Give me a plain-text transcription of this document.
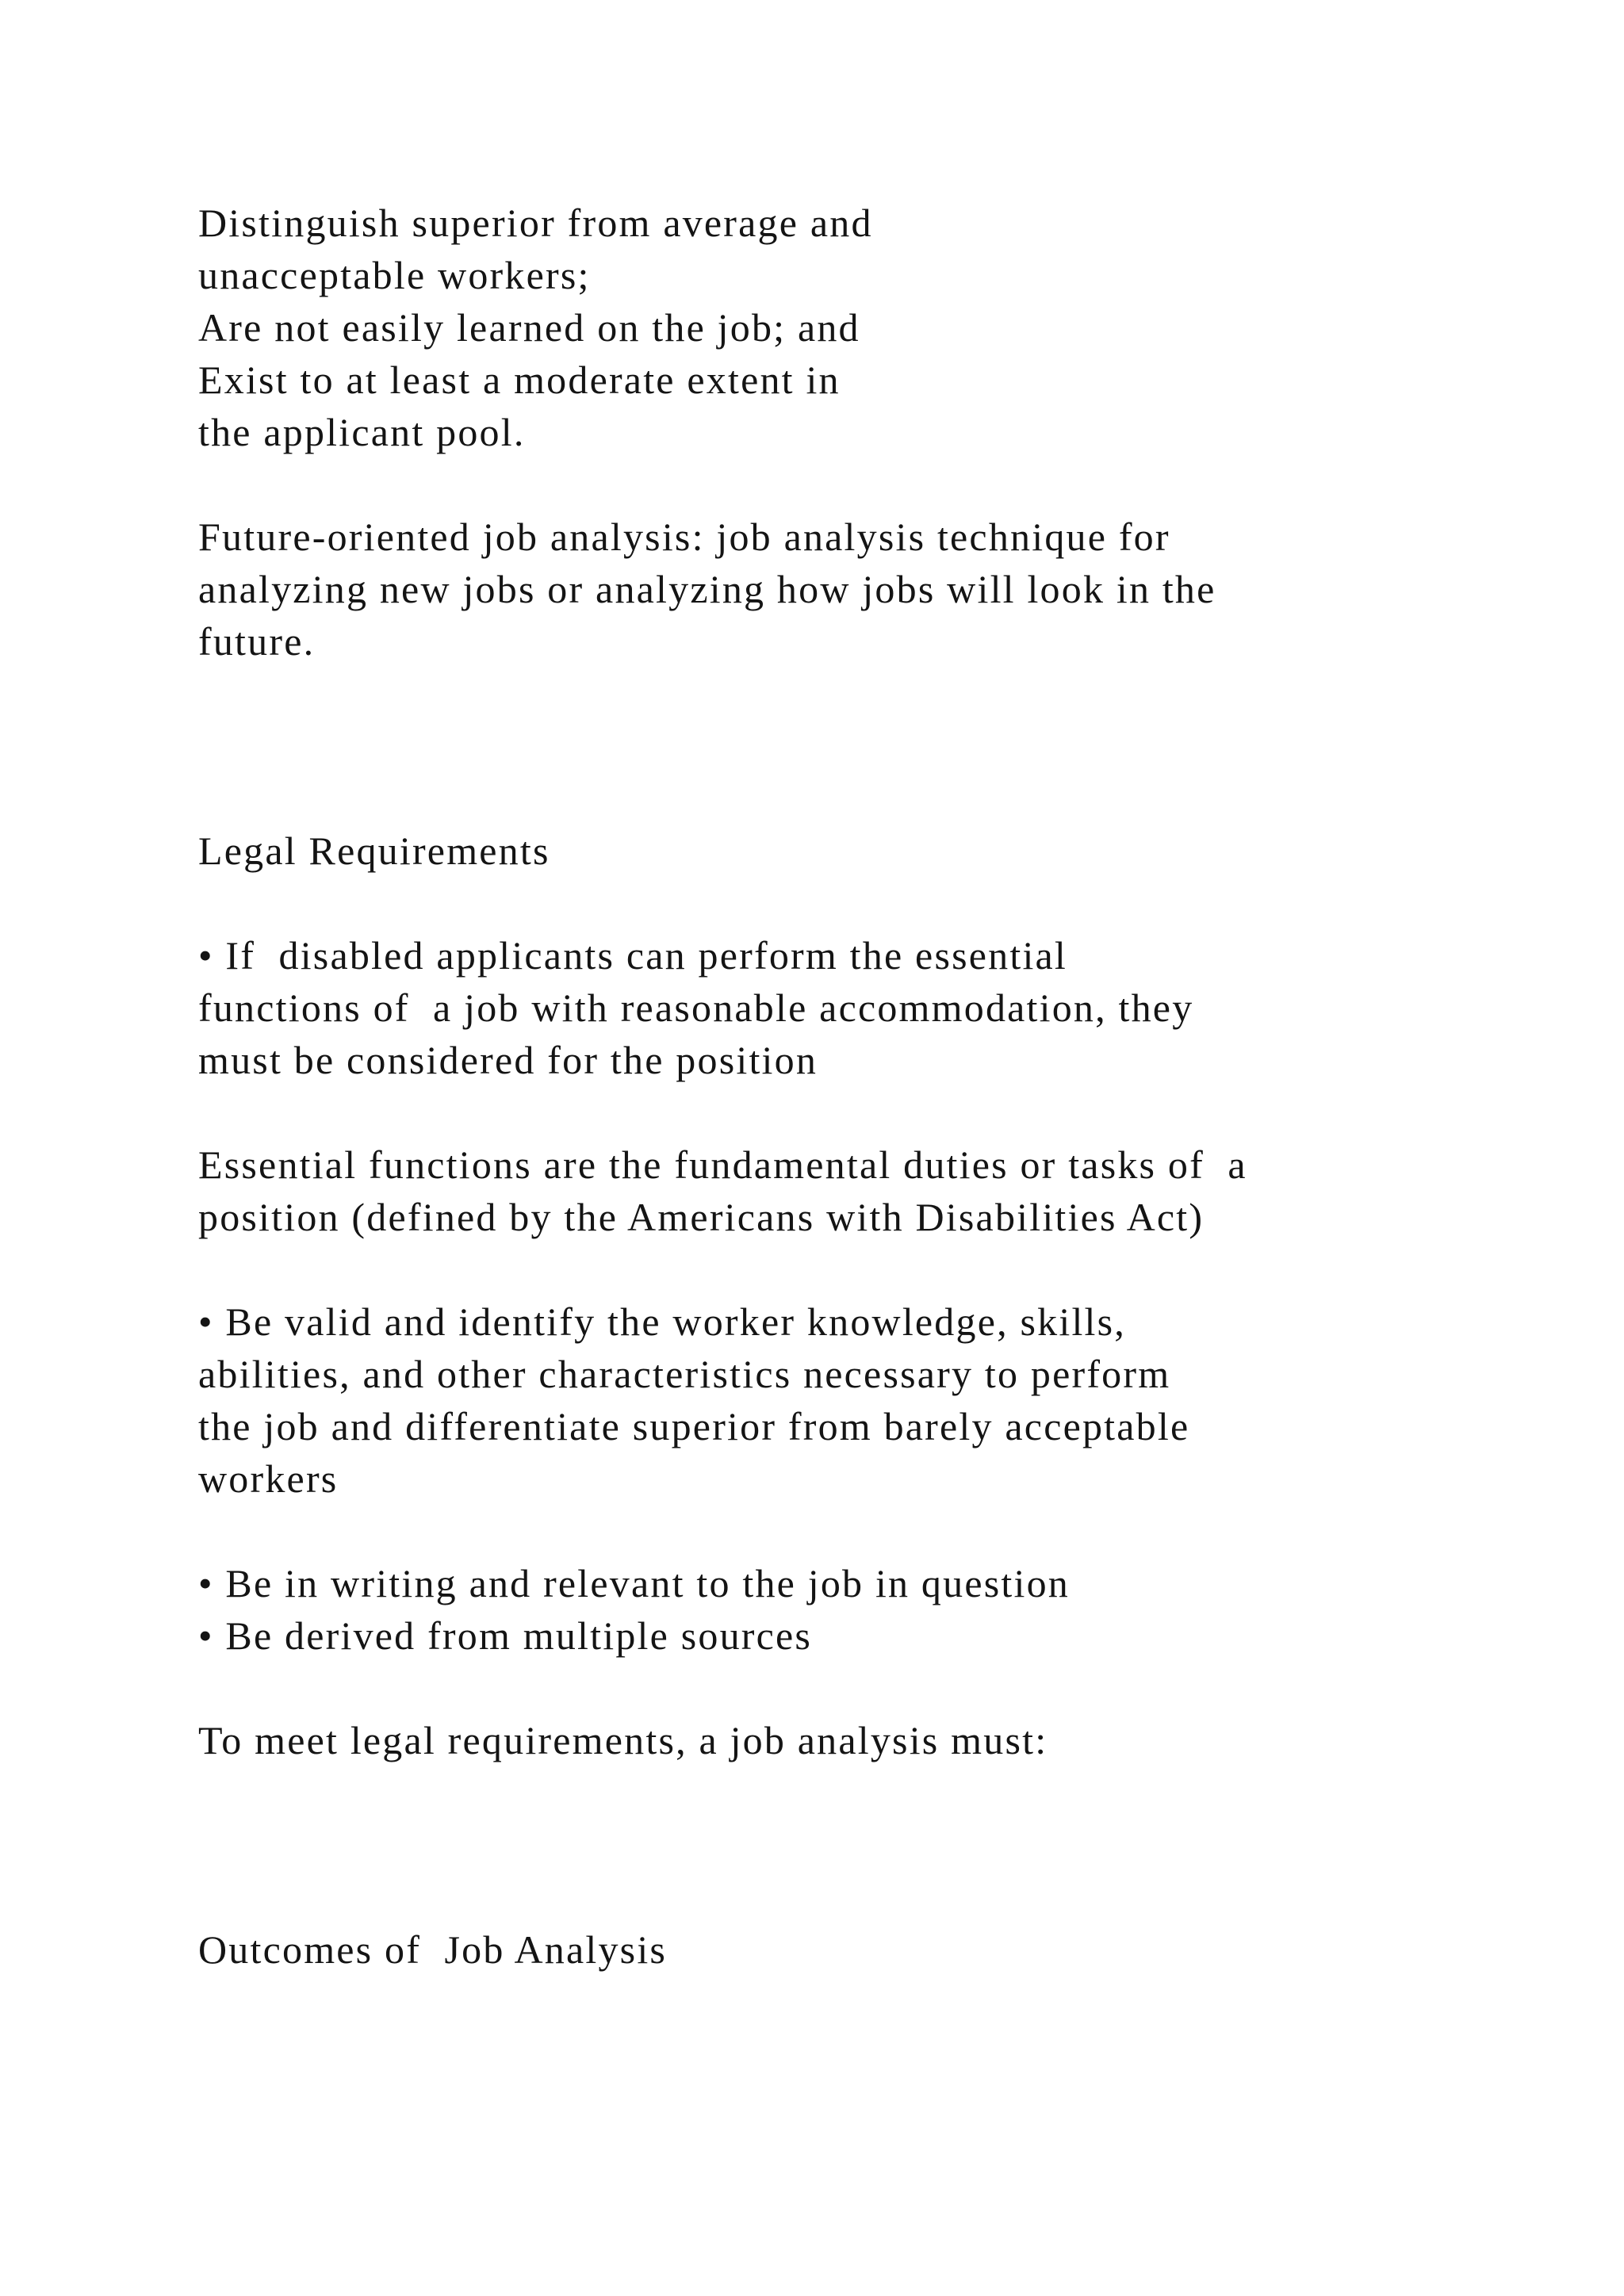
Distinguish superior from average and

unacceptable workers;

Are not easily learned on the job; and

Exist to at least a moderate extent in

the applicant pool.

Future-oriented job analysis: job analysis technique for

analyzing new jobs or analyzing how jobs will look in the

future.

Legal Requirements

• If  disabled applicants can perform the essential

functions of  a job with reasonable accommodation, they

must be considered for the position

Essential functions are the fundamental duties or tasks of  a

position (defined by the Americans with Disabilities Act)

• Be valid and identify the worker knowledge, skills,

abilities, and other characteristics necessary to perform

the job and differentiate superior from barely acceptable

workers

• Be in writing and relevant to the job in question

• Be derived from multiple sources

To meet legal requirements, a job analysis must:

Outcomes of  Job Analysis
